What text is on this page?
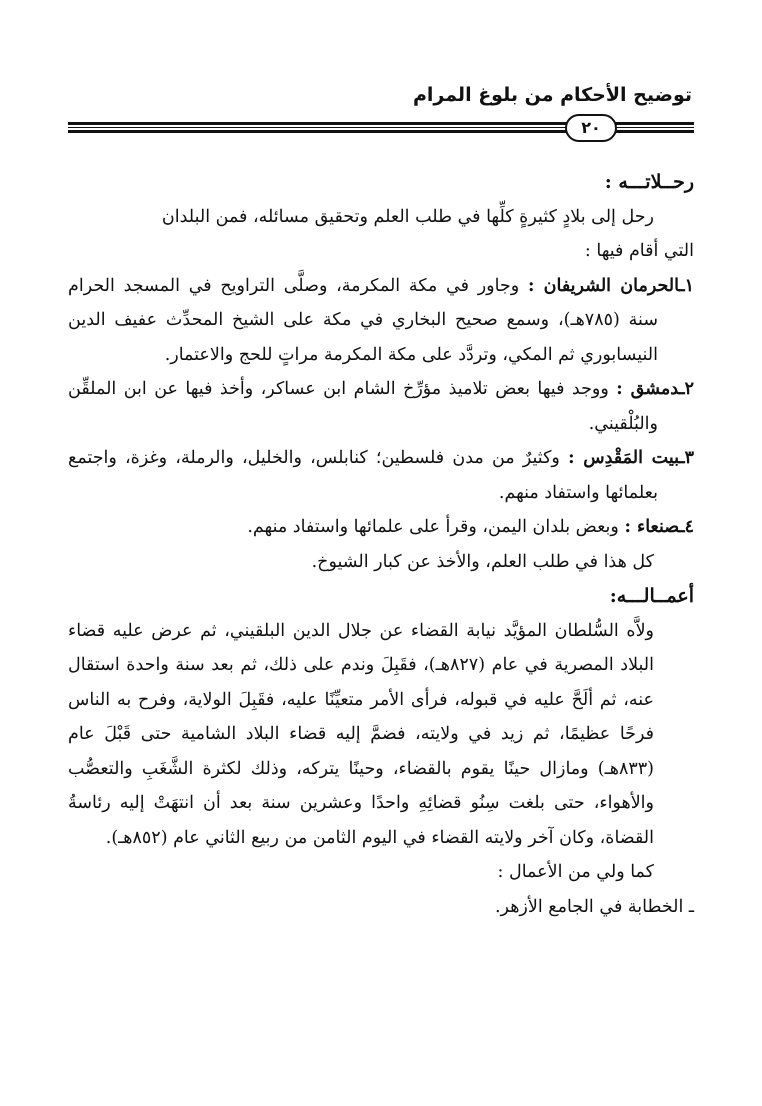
توضيح الأحكام من بلوغ المرام
٢٠

رحــلاتـــه :

رحل إلى بلادٍ كثيرةٍ كلِّها في طلب العلم وتحقيق مسائله، فمن البلدان

التي أقام فيها :

١ـالحرمان الشريفان : وجاور في مكة المكرمة، وصلَّى التراويح في المسجد الحرام سنة (٧٨٥هـ)، وسمع صحيح البخاري في مكة على الشيخ المحدِّث عفيف الدين النيسابوري ثم المكي، وتردَّد على مكة المكرمة مراتٍ للحج والاعتمار.

٢ـدمشق : ووجد فيها بعض تلاميذ مؤرِّخ الشام ابن عساكر، وأخذ فيها عن ابن الملقِّن والبُلْقيني.

٣ـبيت المَقْدِس : وكثيرٌ من مدن فلسطين؛ كنابلس، والخليل، والرملة، وغزة، واجتمع بعلمائها واستفاد منهم.

٤ـصنعاء : وبعض بلدان اليمن، وقرأ على علمائها واستفاد منهم.

كل هذا في طلب العلم، والأخذ عن كبار الشيوخ.

أعمــالـــه:

ولاَّه السُّلطان المؤيَّد نيابة القضاء عن جلال الدين البلقيني، ثم عرض عليه قضاء البلاد المصرية في عام (٨٢٧هـ)، فقَبِلَ وندم على ذلك، ثم بعد سنة واحدة استقال عنه، ثم ألَحَّ عليه في قبوله، فرأى الأمر متعيِّنًا عليه، فقَبِلَ الولاية، وفرح به الناس فرحًا عظيمًا، ثم زيد في ولايته، فضمَّ إليه قضاء البلاد الشامية حتى قَبْلَ عام (٨٣٣هـ) ومازال حينًا يقوم بالقضاء، وحينًا يتركه، وذلك لكثرة الشَّغَبِ والتعصُّب والأهواء، حتى بلغت سِنُو قضائِهِ واحدًا وعشرين سنة بعد أن انتهَتْ إليه رئاسةُ القضاة، وكان آخر ولايته القضاء في اليوم الثامن من ربيع الثاني عام (٨٥٢هـ).

كما ولي من الأعمال :

ـ الخطابة في الجامع الأزهر.
